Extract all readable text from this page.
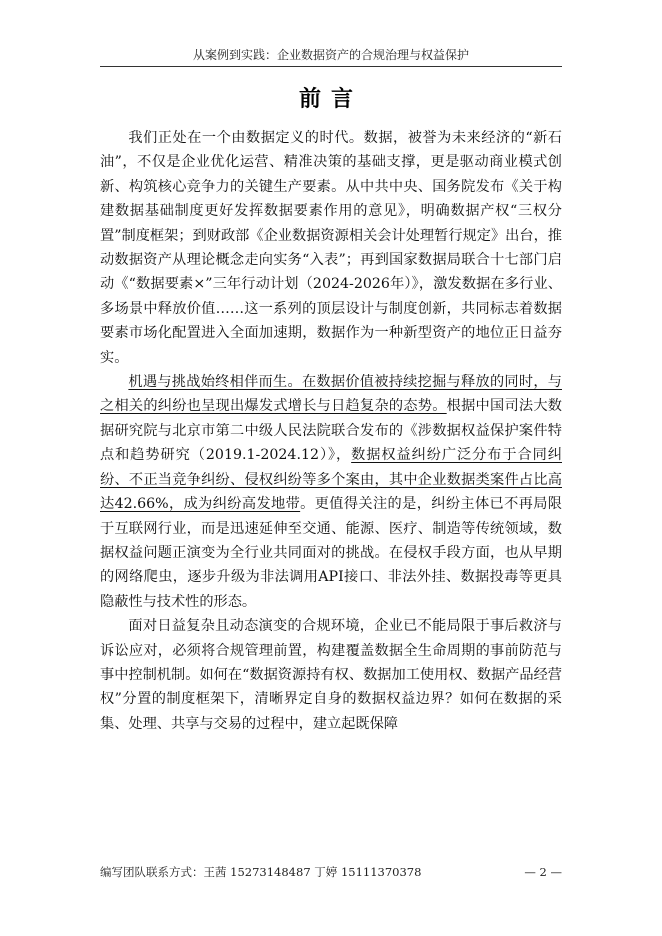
从案例到实践：企业数据资产的合规治理与权益保护
前言

我们正处在一个由数据定义的时代。数据，被誉为未来经济的“新石油”，不仅是企业优化运营、精准决策的基础支撑，更是驱动商业模式创新、构筑核心竞争力的关键生产要素。从中共中央、国务院发布《关于构建数据基础制度更好发挥数据要素作用的意见》，明确数据产权“三权分置”制度框架；到财政部《企业数据资源相关会计处理暂行规定》出台，推动数据资产从理论概念走向实务“入表”；再到国家数据局联合十七部门启动《“数据要素×”三年行动计划（2024-2026年）》，激发数据在多行业、多场景中释放价值……这一系列的顶层设计与制度创新，共同标志着数据要素市场化配置进入全面加速期，数据作为一种新型资产的地位正日益夯实。

机遇与挑战始终相伴而生。在数据价值被持续挖掘与释放的同时，与之相关的纠纷也呈现出爆发式增长与日趋复杂的态势。根据中国司法大数据研究院与北京市第二中级人民法院联合发布的《涉数据权益保护案件特点和趋势研究（2019.1-2024.12）》，数据权益纠纷广泛分布于合同纠纷、不正当竞争纠纷、侵权纠纷等多个案由，其中企业数据类案件占比高达42.66%，成为纠纷高发地带。更值得关注的是，纠纷主体已不再局限于互联网行业，而是迅速延伸至交通、能源、医疗、制造等传统领域，数据权益问题正演变为全行业共同面对的挑战。在侵权手段方面，也从早期的网络爬虫，逐步升级为非法调用API接口、非法外挂、数据投毒等更具隐蔽性与技术性的形态。

面对日益复杂且动态演变的合规环境，企业已不能局限于事后救济与诉讼应对，必须将合规管理前置，构建覆盖数据全生命周期的事前防范与事中控制机制。如何在“数据资源持有权、数据加工使用权、数据产品经营权”分置的制度框架下，清晰界定自身的数据权益边界？如何在数据的采集、处理、共享与交易的过程中，建立起既保障

编写团队联系方式：王茜 15273148487 丁婷 15111370378	— 2 —
